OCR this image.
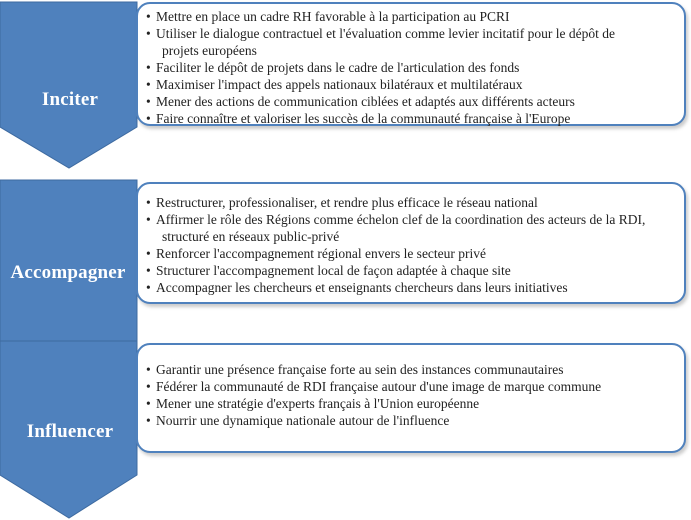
Inciter
Accompagner
Influencer
• Mettre en place un cadre RH favorable à la participation au PCRI
• Utiliser le dialogue contractuel et l'évaluation comme levier incitatif pour le dépôt de
projets européens
• Faciliter le dépôt de projets dans le cadre de l'articulation des fonds
• Maximiser l'impact des appels nationaux bilatéraux et multilatéraux
• Mener des actions de communication ciblées et adaptés aux différents acteurs
• Faire connaître et valoriser les succès de la communauté française à l'Europe
• Restructurer, professionaliser, et rendre plus efficace le réseau national
• Affirmer le rôle des Régions comme échelon clef de la coordination des acteurs de la RDI,
structuré en réseaux public-privé
• Renforcer l'accompagnement régional envers le secteur privé
• Structurer l'accompagnement local de façon adaptée à chaque site
• Accompagner les chercheurs et enseignants chercheurs dans leurs initiatives
• Garantir une présence française forte au sein des instances communautaires
• Fédérer la communauté de RDI française autour d'une image de marque commune
• Mener une stratégie d'experts français à l'Union européenne
• Nourrir une dynamique nationale autour de l'influence
